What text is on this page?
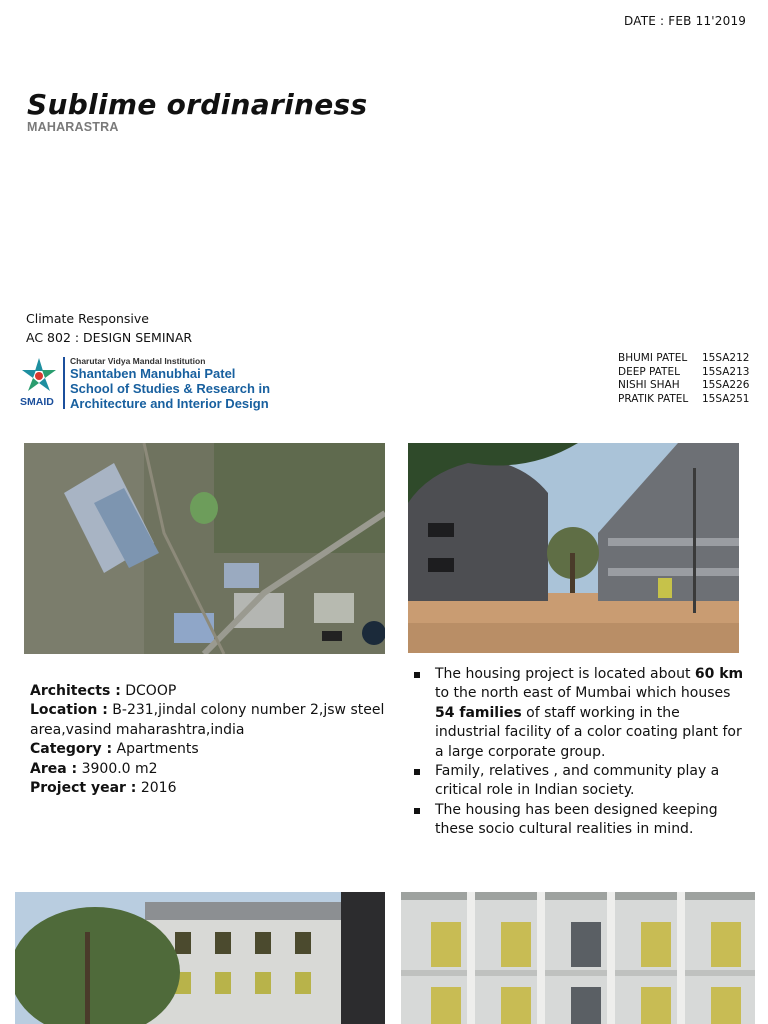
DATE : FEB 11'2019
Sublime ordinariness
MAHARASTRA
Climate Responsive
AC 802 : DESIGN SEMINAR
SMAID
Charutar Vidya Mandal Institution
Shantaben Manubhai Patel
School of Studies & Research in
Architecture and Interior Design
BHUMI PATEL	15SA212
DEEP PATEL	15SA213
NISHI SHAH	15SA226
PRATIK PATEL	15SA251
Architects : DCOOP
Location : B-231,jindal colony number 2,jsw steel area,vasind maharashtra,india
Category : Apartments
Area : 3900.0 m2
Project year : 2016
The housing project is located about 60 km to the north east of Mumbai which houses 54 families of staff working in the industrial facility of a color coating plant for a large corporate group.
Family, relatives , and community play a critical role in Indian society.
The housing has been designed keeping these socio cultural realities in mind.
